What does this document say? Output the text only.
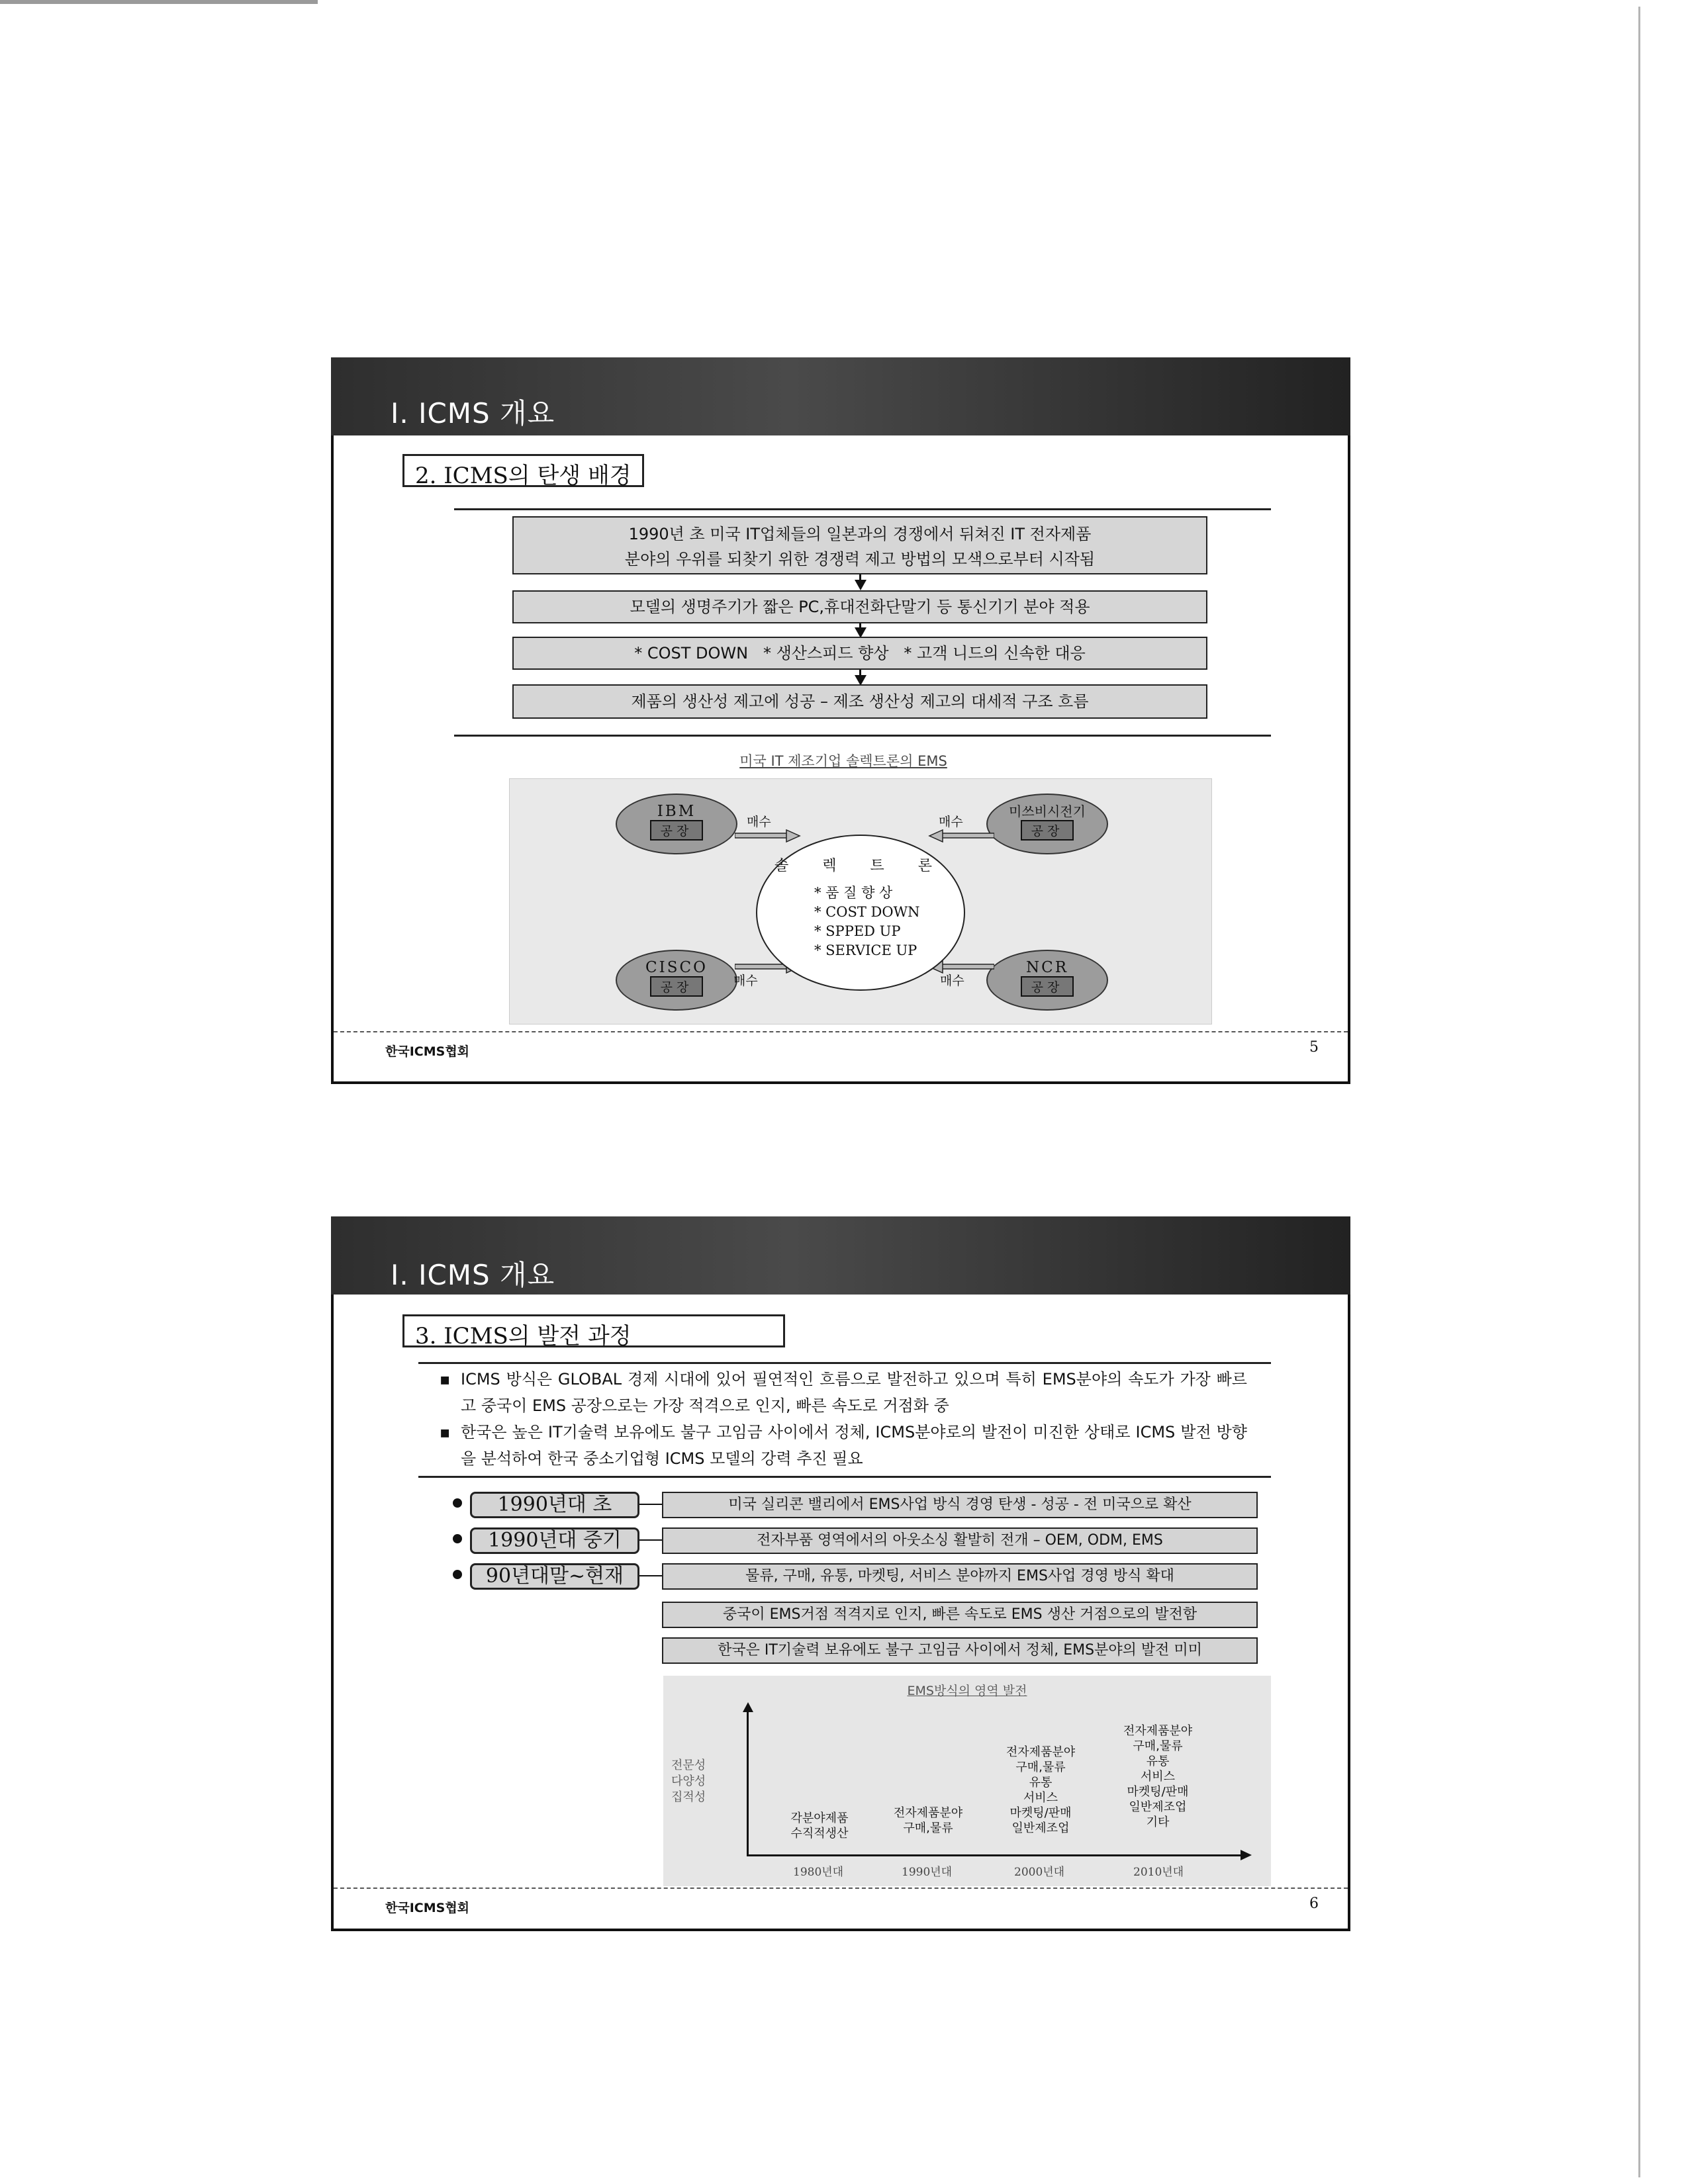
I. ICMS 개요
2. ICMS의 탄생 배경
1990년 초 미국 IT업체들의 일본과의 경쟁에서 뒤쳐진 IT 전자제품
분야의 우위를 되찾기 위한 경쟁력 제고 방법의 모색으로부터 시작됨
모델의 생명주기가 짧은 PC,휴대전화단말기 등 통신기기 분야 적용
* COST DOWN   * 생산스피드 향상   * 고객 니드의 신속한 대응
제품의 생산성 제고에 성공 – 제조 생산성 제고의 대세적 구조 흐름
미국 IT 제조기업 솔렉트론의 EMS
IBM
공장
미쓰비시전기
공장
CISCO
공장
NCR
공장
매수	매수
매수	매수
솔 렉 트 론
* 품 질 향 상
* COST DOWN
* SPPED UP
* SERVICE UP
한국ICMS협회	5
I. ICMS 개요
3. ICMS의 발전 과정
▪ ICMS 방식은 GLOBAL 경제 시대에 있어 필연적인 흐름으로 발전하고 있으며 특히 EMS분야의 속도가 가장 빠르고 중국이 EMS 공장으로는 가장 적격으로 인지, 빠른 속도로 거점화 중
▪ 한국은 높은 IT기술력 보유에도 불구 고임금 사이에서 정체, ICMS분야로의 발전이 미진한 상태로 ICMS 발전 방향을 분석하여 한국 중소기업형 ICMS 모델의 강력 추진 필요
1990년대 초	미국 실리콘 밸리에서 EMS사업 방식 경영 탄생 - 성공 - 전 미국으로 확산
1990년대 중기	전자부품 영역에서의 아웃소싱 활발히 전개 – OEM, ODM, EMS
90년대말~현재	물류, 구매, 유통, 마켓팅, 서비스 분야까지 EMS사업 경영 방식 확대
중국이 EMS거점 적격지로 인지, 빠른 속도로 EMS 생산 거점으로의 발전함
한국은 IT기술력 보유에도 불구 고임금 사이에서 정체, EMS분야의 발전 미미
EMS방식의 영역 발전
전문성
다양성
집적성
각분야제품
수직적생산
전자제품분야
구매,물류
전자제품분야
구매,물류
유통
서비스
마켓팅/판매
일반제조업
전자제품분야
구매,물류
유통
서비스
마켓팅/판매
일반제조업
기타
1980년대	1990년대	2000년대	2010년대
한국ICMS협회	6
